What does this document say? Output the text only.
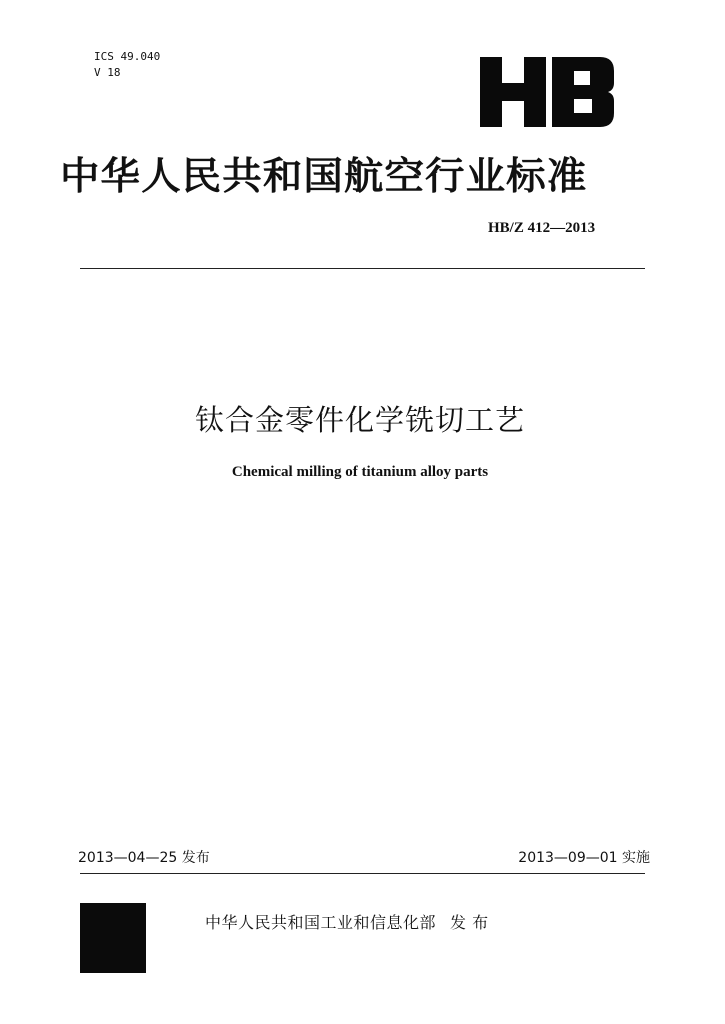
ICS 49.040
V 18
中华人民共和国航空行业标准
HB/Z 412—2013
钛合金零件化学铣切工艺
Chemical milling of titanium alloy parts
2013—04—25 发布	2013—09—01 实施
中华人民共和国工业和信息化部 发 布
